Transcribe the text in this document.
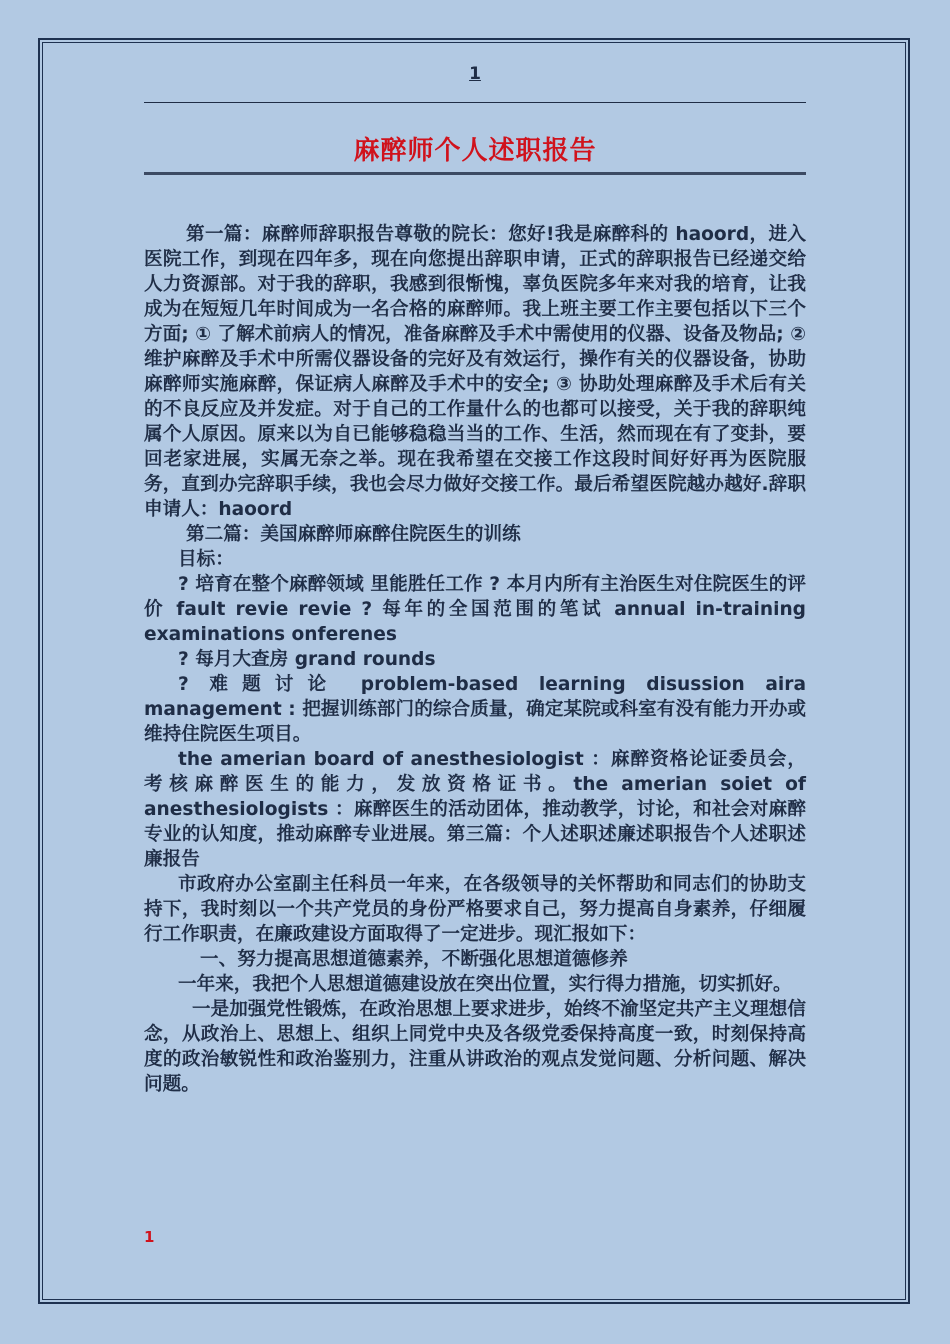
1
麻醉师个人述职报告

第一篇：麻醉师辞职报告尊敬的院长：您好!我是麻醉科的 haoord，进入医院工作，到现在四年多，现在向您提出辞职申请，正式的辞职报告已经递交给人力资源部。对于我的辞职，我感到很惭愧，辜负医院多年来对我的培育，让我成为在短短几年时间成为一名合格的麻醉师。我上班主要工作主要包括以下三个方面; ① 了解术前病人的情况，准备麻醉及手术中需使用的仪器、设备及物品; ② 维护麻醉及手术中所需仪器设备的完好及有效运行，操作有关的仪器设备，协助麻醉师实施麻醉，保证病人麻醉及手术中的安全; ③ 协助处理麻醉及手术后有关的不良反应及并发症。对于自己的工作量什么的也都可以接受，关于我的辞职纯属个人原因。原来以为自已能够稳稳当当的工作、生活，然而现在有了变卦，要回老家进展，实属无奈之举。现在我希望在交接工作这段时间好好再为医院服务，直到办完辞职手续，我也会尽力做好交接工作。最后希望医院越办越好.辞职申请人：haoord

第二篇：美国麻醉师麻醉住院医生的训练

目标：

? 培育在整个麻醉领域 里能胜任工作 ? 本月内所有主治医生对住院医生的评价 fault revie revie ? 每年的全国范围的笔试 annual in-training examinations onferenes

? 每月大查房 grand rounds

? 难题讨论 problem-based learning disussion aira management : 把握训练部门的综合质量，确定某院或科室有没有能力开办或维持住院医生项目。

the amerian board of anesthesiologist ：麻醉资格论证委员会，考核麻醉医生的能力，发放资格证书。the amerian soiet of anesthesiologists ：麻醉医生的活动团体，推动教学，讨论，和社会对麻醉专业的认知度，推动麻醉专业进展。第三篇：个人述职述廉述职报告个人述职述廉报告

市政府办公室副主任科员一年来，在各级领导的关怀帮助和同志们的协助支持下，我时刻以一个共产党员的身份严格要求自己，努力提高自身素养，仔细履行工作职责，在廉政建设方面取得了一定进步。现汇报如下：

一、努力提高思想道德素养，不断强化思想道德修养

一年来，我把个人思想道德建设放在突出位置，实行得力措施，切实抓好。

一是加强党性锻炼，在政治思想上要求进步，始终不渝坚定共产主义理想信念，从政治上、思想上、组织上同党中央及各级党委保持高度一致，时刻保持高度的政治敏锐性和政治鉴别力，注重从讲政治的观点发觉问题、分析问题、解决问题。

1
